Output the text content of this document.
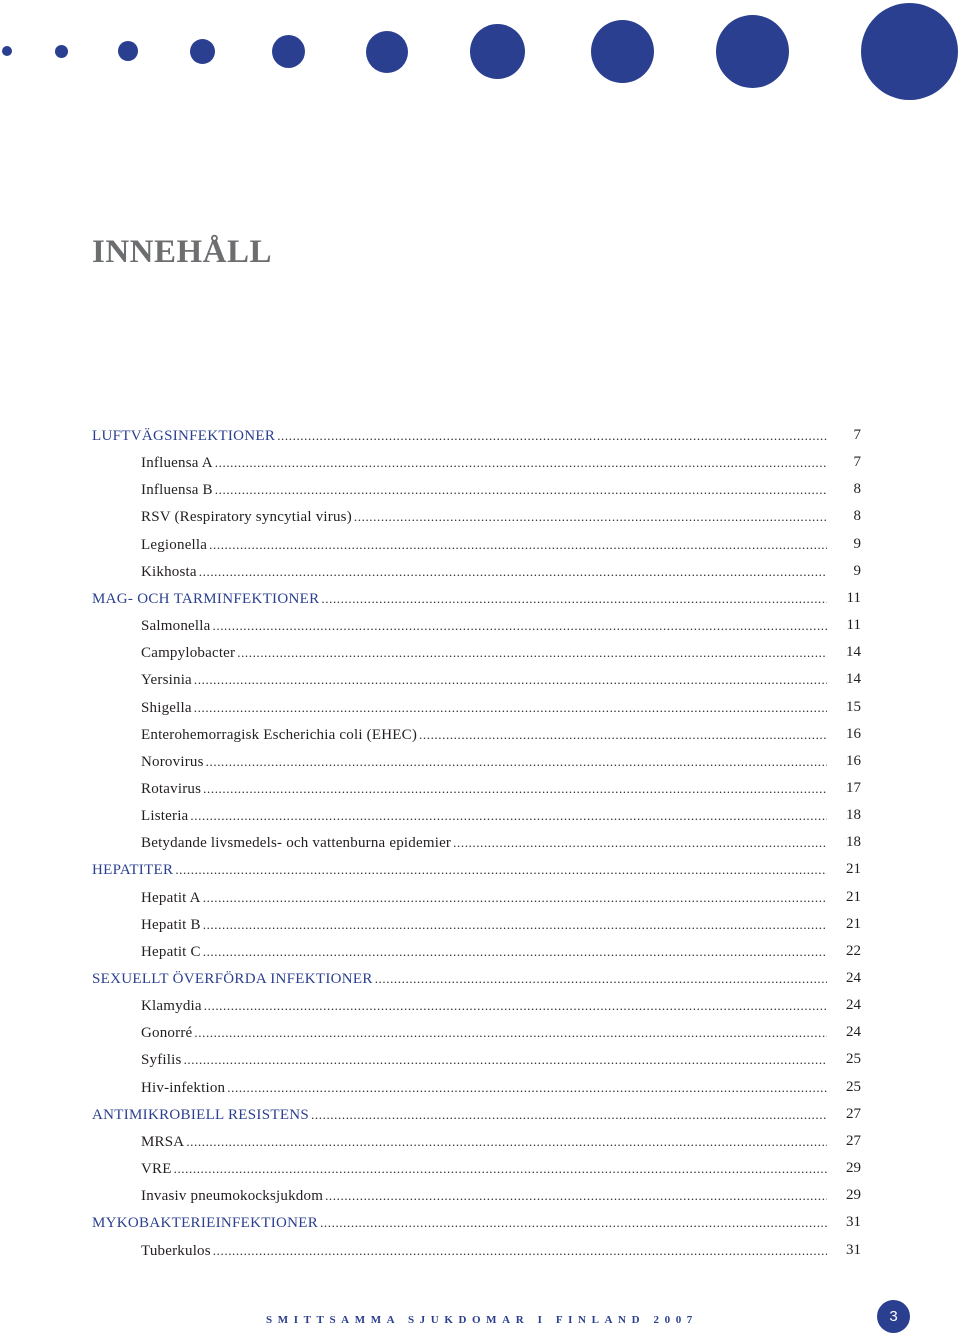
INNEHÅLL
LUFTVÄGSINFEKTIONER .....	7
Influensa A .....	7
Influensa B .....	8
RSV (Respiratory syncytial virus) .....	8
Legionella .....	9
Kikhosta .....	9
MAG- OCH TARMINFEKTIONER .....	11
Salmonella .....	11
Campylobacter .....	14
Yersinia .....	14
Shigella .....	15
Enterohemorragisk Escherichia coli (EHEC) .....	16
Norovirus .....	16
Rotavirus .....	17
Listeria .....	18
Betydande livsmedels- och vattenburna epidemier .....	18
HEPATITER .....	21
Hepatit A .....	21
Hepatit B .....	21
Hepatit C .....	22
SEXUELLT ÖVERFÖRDA INFEKTIONER .....	24
Klamydia .....	24
Gonorré .....	24
Syfilis .....	25
Hiv-infektion .....	25
ANTIMIKROBIELL RESISTENS .....	27
MRSA .....	27
VRE .....	29
Invasiv pneumokocksjukdom .....	29
MYKOBAKTERIEINFEKTIONER .....	31
Tuberkulos .....	31
SMITTSAMMA SJUKDOMAR I FINLAND 2007	3
